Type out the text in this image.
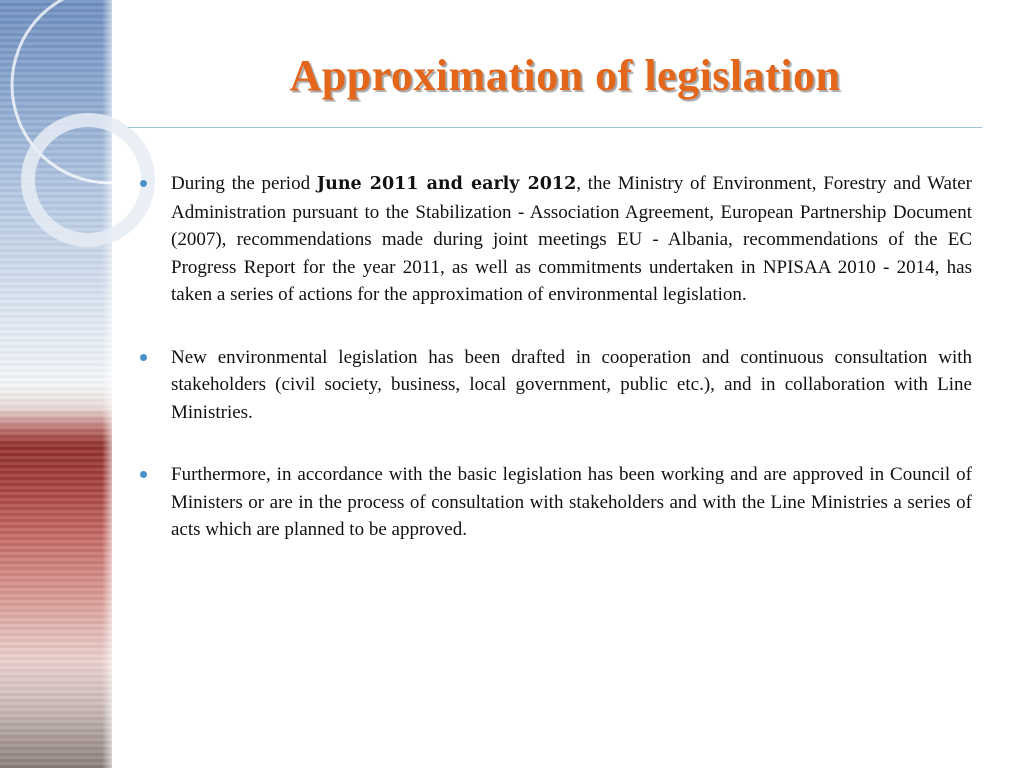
Approximation of legislation

During the period June 2011 and early 2012, the Ministry of Environment, Forestry and Water Administration pursuant to the Stabilization - Association Agreement, European Partnership Document (2007), recommendations made during joint meetings EU - Albania, recommendations of the EC Progress Report for the year 2011, as well as commitments undertaken in NPISAA 2010 - 2014, has taken a series of actions for the approximation of environmental legislation.

New environmental legislation has been drafted in cooperation and continuous consultation with stakeholders (civil society, business, local government, public etc.), and in collaboration with Line Ministries.

Furthermore, in accordance with the basic legislation has been working and are approved in Council of Ministers or are in the process of consultation with stakeholders and with the Line Ministries a series of acts which are planned to be approved.
